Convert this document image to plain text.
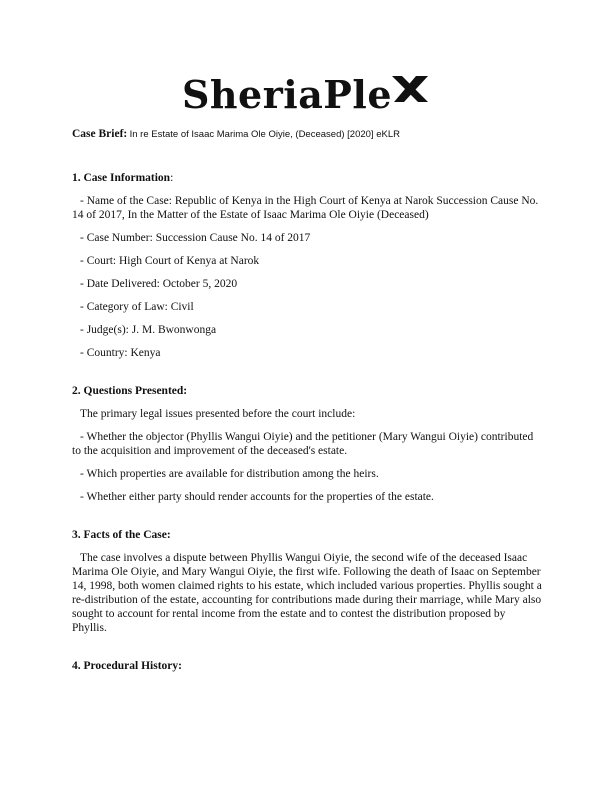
SheriaPle
Case Brief: In re Estate of Isaac Marima Ole Oiyie, (Deceased) [2020] eKLR

1. Case Information:

- Name of the Case: Republic of Kenya in the High Court of Kenya at Narok Succession Cause No. 14 of 2017, In the Matter of the Estate of Isaac Marima Ole Oiyie (Deceased)

- Case Number: Succession Cause No. 14 of 2017

- Court: High Court of Kenya at Narok

- Date Delivered: October 5, 2020

- Category of Law: Civil

- Judge(s): J. M. Bwonwonga

- Country: Kenya

2. Questions Presented:

The primary legal issues presented before the court include:

- Whether the objector (Phyllis Wangui Oiyie) and the petitioner (Mary Wangui Oiyie) contributed to the acquisition and improvement of the deceased's estate.

- Which properties are available for distribution among the heirs.

- Whether either party should render accounts for the properties of the estate.

3. Facts of the Case:

The case involves a dispute between Phyllis Wangui Oiyie, the second wife of the deceased Isaac Marima Ole Oiyie, and Mary Wangui Oiyie, the first wife. Following the death of Isaac on September 14, 1998, both women claimed rights to his estate, which included various properties. Phyllis sought a re-distribution of the estate, accounting for contributions made during their marriage, while Mary also sought to account for rental income from the estate and to contest the distribution proposed by Phyllis.

4. Procedural History:
